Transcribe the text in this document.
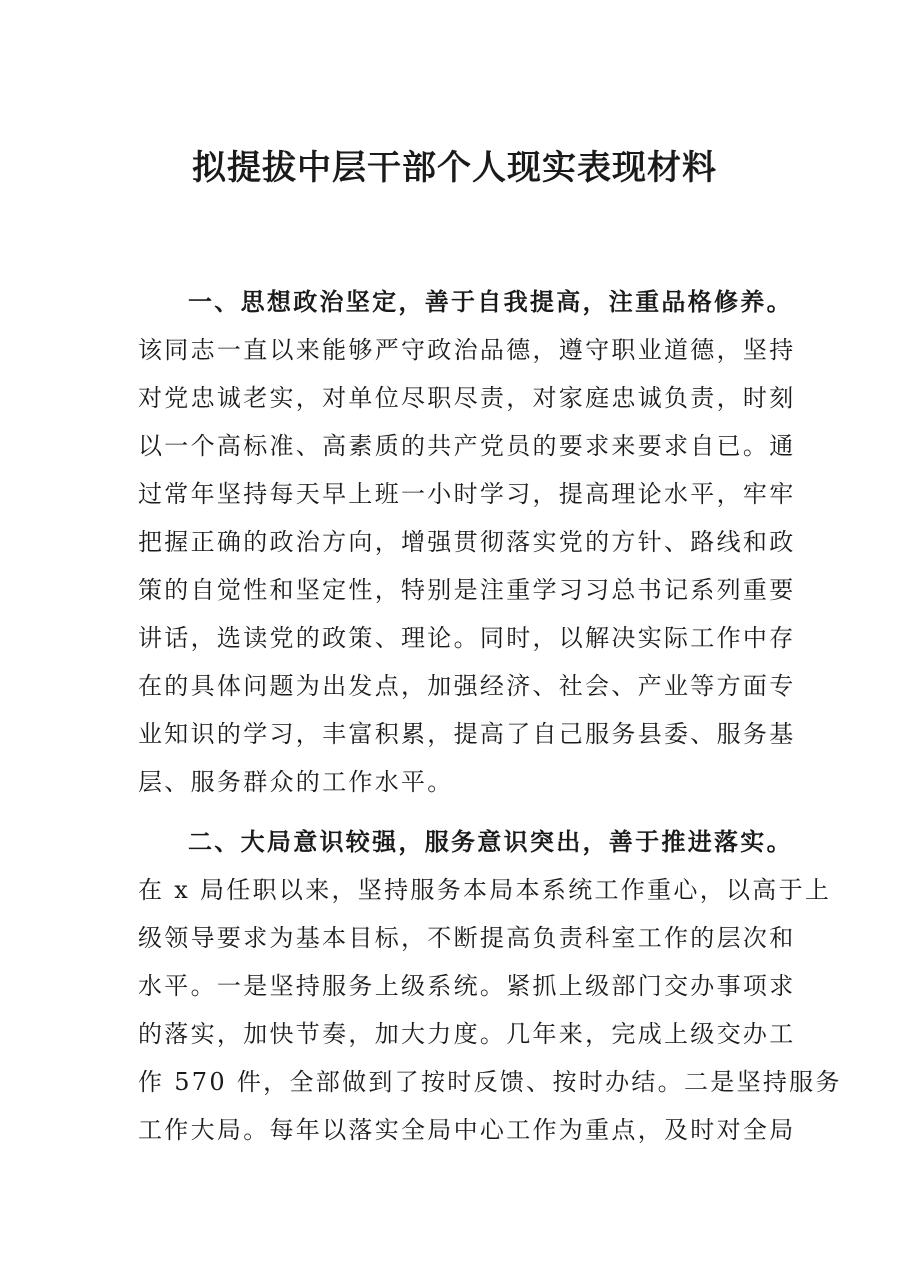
拟提拔中层干部个人现实表现材料
一、思想政治坚定，善于自我提高，注重品格修养。
该同志一直以来能够严守政治品德，遵守职业道德，坚持
对党忠诚老实，对单位尽职尽责，对家庭忠诚负责，时刻
以一个高标准、高素质的共产党员的要求来要求自已。通
过常年坚持每天早上班一小时学习，提高理论水平，牢牢
把握正确的政治方向，增强贯彻落实党的方针、路线和政
策的自觉性和坚定性，特别是注重学习习总书记系列重要
讲话，选读党的政策、理论。同时，以解决实际工作中存
在的具体问题为出发点，加强经济、社会、产业等方面专
业知识的学习，丰富积累，提高了自己服务县委、服务基
层、服务群众的工作水平。
二、大局意识较强，服务意识突出，善于推进落实。
在 x 局任职以来，坚持服务本局本系统工作重心，以高于上
级领导要求为基本目标，不断提高负责科室工作的层次和
水平。一是坚持服务上级系统。紧抓上级部门交办事项求
的落实，加快节奏，加大力度。几年来，完成上级交办工
作 570 件，全部做到了按时反馈、按时办结。二是坚持服务
工作大局。每年以落实全局中心工作为重点，及时对全局
